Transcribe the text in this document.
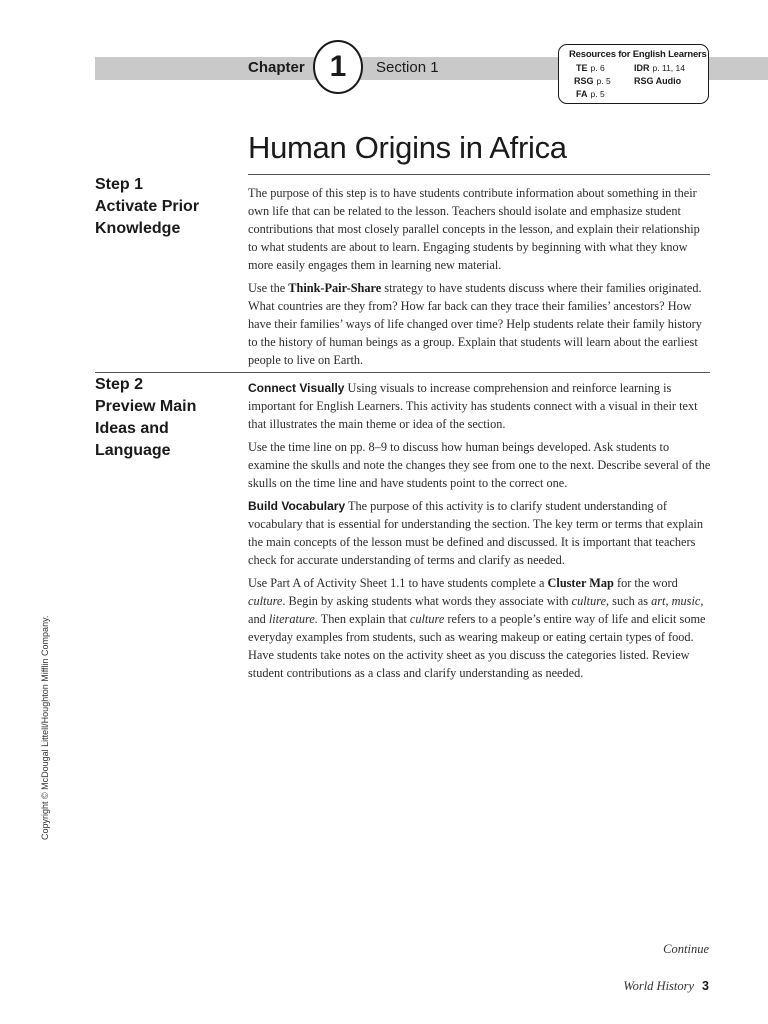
Chapter 1	Section 1
Resources for English Learners
TE p. 6	IDR p. 11, 14
RSG p. 5	RSG Audio
FA p. 5
Human Origins in Africa
Step 1
Activate Prior
Knowledge

The purpose of this step is to have students contribute information about something in their own life that can be related to the lesson. Teachers should isolate and emphasize student contributions that most closely parallel concepts in the lesson, and explain their relationship to what students are about to learn. Engaging students by beginning with what they know more easily engages them in learning new material.

Use the Think-Pair-Share strategy to have students discuss where their families originated. What countries are they from? How far back can they trace their families’ ancestors? How have their families’ ways of life changed over time? Help students relate their family history to the history of human beings as a group. Explain that students will learn about the earliest people to live on Earth.

Step 2
Preview Main
Ideas and
Language

Connect Visually Using visuals to increase comprehension and reinforce learning is important for English Learners. This activity has students connect with a visual in their text that illustrates the main theme or idea of the section.

Use the time line on pp. 8–9 to discuss how human beings developed. Ask students to examine the skulls and note the changes they see from one to the next. Describe several of the skulls on the time line and have students point to the correct one.

Build Vocabulary The purpose of this activity is to clarify student understanding of vocabulary that is essential for understanding the section. The key term or terms that explain the main concepts of the lesson must be defined and discussed. It is important that teachers check for accurate understanding of terms and clarify as needed.

Use Part A of Activity Sheet 1.1 to have students complete a Cluster Map for the word culture. Begin by asking students what words they associate with culture, such as art, music, and literature. Then explain that culture refers to a people’s entire way of life and elicit some everyday examples from students, such as wearing makeup or eating certain types of food. Have students take notes on the activity sheet as you discuss the categories listed. Review student contributions as a class and clarify understanding as needed.

Copyright © McDougal Littell/Houghton Mifflin Company.
Continue
World History 3
